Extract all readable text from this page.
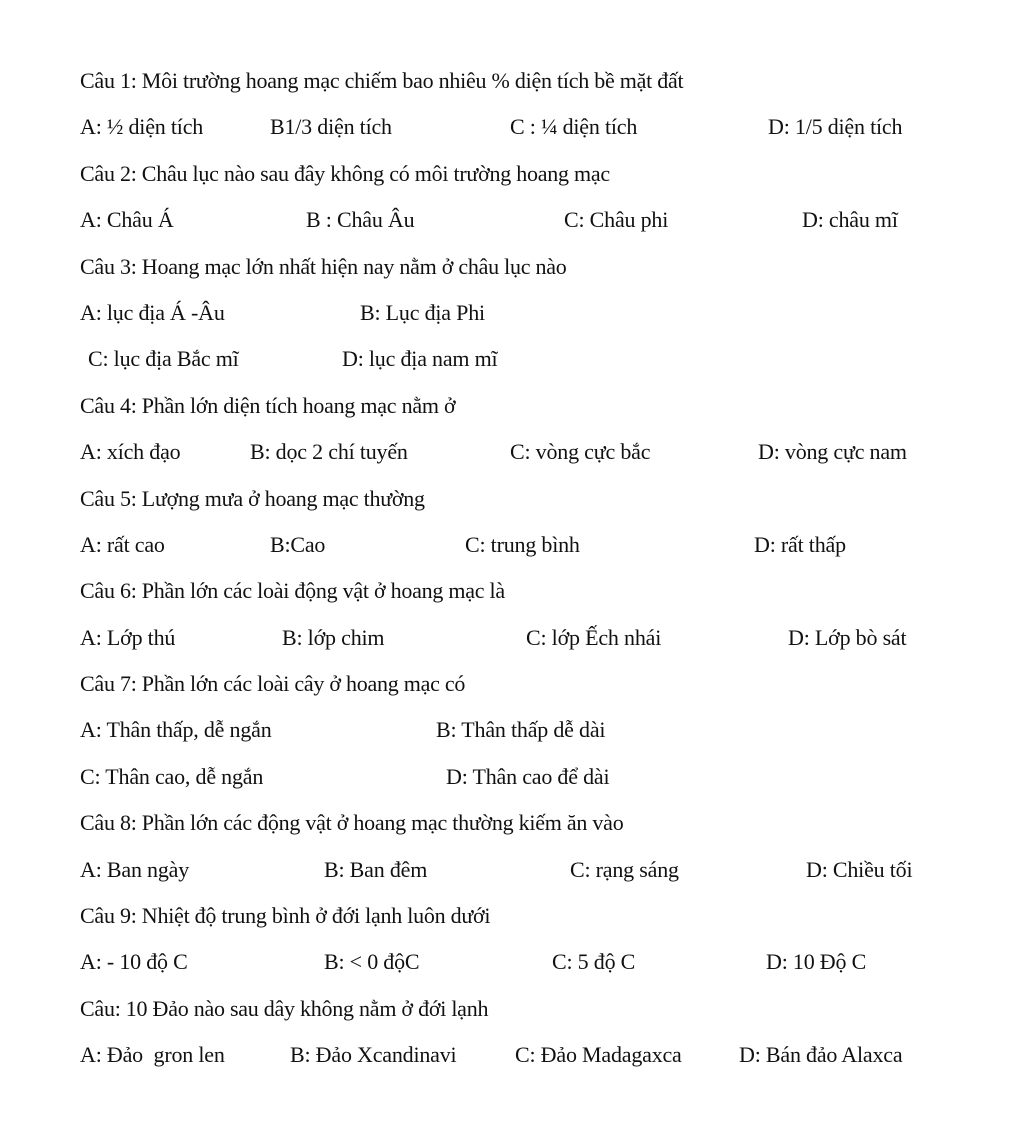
Câu 1: Môi trường hoang mạc chiếm bao nhiêu % diện tích bề mặt đất
A: ½ diện tích	B1/3 diện tích	C : ¼ diện tích	D: 1/5 diện tích
Câu 2: Châu lục nào sau đây không có môi trường hoang mạc
A: Châu Á	B : Châu Âu	C: Châu phi	D: châu mĩ
Câu 3: Hoang mạc lớn nhất hiện nay nằm ở châu lục nào
A: lục địa Á -Âu	B: Lục địa Phi
C: lục địa Bắc mĩ	D: lục địa nam mĩ
Câu 4: Phần lớn diện tích hoang mạc nằm ở
A: xích đạo	B: dọc 2 chí tuyến	C: vòng cực bắc	D: vòng cực nam
Câu 5: Lượng mưa ở hoang mạc thường
A: rất cao	B:Cao	C: trung bình	D: rất thấp
Câu 6: Phần lớn các loài động vật ở hoang mạc là
A: Lớp thú	B: lớp chim	C: lớp Ếch nhái	D: Lớp bò sát
Câu 7: Phần lớn các loài cây ở hoang mạc có
A: Thân thấp, dễ ngắn	B: Thân thấp dễ dài
C: Thân cao, dễ ngắn	D: Thân cao để dài
Câu 8: Phần lớn các động vật ở hoang mạc thường kiếm ăn vào
A: Ban ngày	B: Ban đêm	C: rạng sáng	D: Chiều tối
Câu 9: Nhiệt độ trung bình ở đới lạnh luôn dưới
A: - 10 độ C	B: < 0 độC	C: 5 độ C	D: 10 Độ C
Câu: 10 Đảo nào sau dây không nằm ở đới lạnh
A: Đảo  gron len	B: Đảo Xcandinavi	C: Đảo Madagaxca	D: Bán đảo Alaxca
